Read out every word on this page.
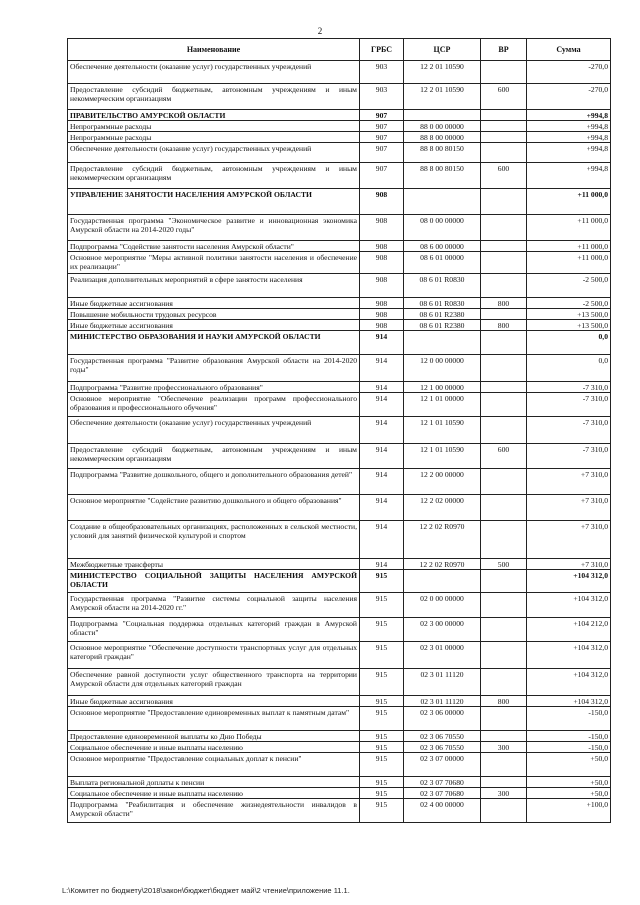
2
Наименование	ГРБС	ЦСР	ВР	Сумма
Обеспечение деятельности (оказание услуг) государственных учреждений	903	12 2 01 10590		-270,0
Предоставление субсидий бюджетным, автономным учреждениям и иным некоммерческим организациям	903	12 2 01 10590	600	-270,0
ПРАВИТЕЛЬСТВО АМУРСКОЙ ОБЛАСТИ	907			+994,8
Непрограммные расходы	907	88 0 00 00000		+994,8
Непрограммные расходы	907	88 8 00 00000		+994,8
Обеспечение деятельности (оказание услуг) государственных учреждений	907	88 8 00 80150		+994,8
Предоставление субсидий бюджетным, автономным учреждениям и иным некоммерческим организациям	907	88 8 00 80150	600	+994,8
УПРАВЛЕНИЕ ЗАНЯТОСТИ НАСЕЛЕНИЯ АМУРСКОЙ ОБЛАСТИ	908			+11 000,0
Государственная программа "Экономическое развитие и инновационная экономика Амурской области на 2014-2020 годы"	908	08 0 00 00000		+11 000,0
Подпрограмма "Содействие занятости населения Амурской области"	908	08 6 00 00000		+11 000,0
Основное мероприятие "Меры активной политики занятости населения и обеспечение их реализации"	908	08 6 01 00000		+11 000,0
Реализация дополнительных мероприятий в сфере занятости населения	908	08 6 01 R0830		-2 500,0
Иные бюджетные ассигнования	908	08 6 01 R0830	800	-2 500,0
Повышение мобильности трудовых ресурсов	908	08 6 01 R2380		+13 500,0
Иные бюджетные ассигнования	908	08 6 01 R2380	800	+13 500,0
МИНИСТЕРСТВО ОБРАЗОВАНИЯ И НАУКИ АМУРСКОЙ ОБЛАСТИ	914			0,0
Государственная программа "Развитие образования Амурской области на 2014-2020 годы"	914	12 0 00 00000		0,0
Подпрограмма "Развитие профессионального образования"	914	12 1 00 00000		-7 310,0
Основное мероприятие "Обеспечение реализации программ профессионального образования и профессионального обучения"	914	12 1 01 00000		-7 310,0
Обеспечение деятельности (оказание услуг) государственных учреждений	914	12 1 01 10590		-7 310,0
Предоставление субсидий бюджетным, автономным учреждениям и иным некоммерческим организациям	914	12 1 01 10590	600	-7 310,0
Подпрограмма "Развитие дошкольного, общего и дополнительного образования детей"	914	12 2 00 00000		+7 310,0
Основное мероприятие "Содействие развитию дошкольного и общего образования"	914	12 2 02 00000		+7 310,0
Создание в общеобразовательных организациях, расположенных в сельской местности, условий для занятий физической культурой и спортом	914	12 2 02 R0970		+7 310,0
Межбюджетные трансферты	914	12 2 02 R0970	500	+7 310,0
МИНИСТЕРСТВО СОЦИАЛЬНОЙ ЗАЩИТЫ НАСЕЛЕНИЯ АМУРСКОЙ ОБЛАСТИ	915			+104 312,0
Государственная программа "Развитие системы социальной защиты населения Амурской области на 2014-2020 гг."	915	02 0 00 00000		+104 312,0
Подпрограмма "Социальная поддержка отдельных категорий граждан в Амурской области"	915	02 3 00 00000		+104 212,0
Основное мероприятие "Обеспечение доступности транспортных услуг для отдельных категорий граждан"	915	02 3 01 00000		+104 312,0
Обеспечение равной доступности услуг общественного транспорта на территории Амурской области для отдельных категорий граждан	915	02 3 01 11120		+104 312,0
Иные бюджетные ассигнования	915	02 3 01 11120	800	+104 312,0
Основное мероприятие "Предоставление единовременных выплат к памятным датам"	915	02 3 06 00000		-150,0
Предоставление единовременной выплаты ко Дню Победы	915	02 3 06 70550		-150,0
Социальное обеспечение и иные выплаты населению	915	02 3 06 70550	300	-150,0
Основное мероприятие "Предоставление социальных доплат к пенсии"	915	02 3 07 00000		+50,0
Выплата региональной доплаты к пенсии	915	02 3 07 70680		+50,0
Социальное обеспечение и иные выплаты населению	915	02 3 07 70680	300	+50,0
Подпрограмма "Реабилитация и обеспечение жизнедеятельности инвалидов в Амурской области"	915	02 4 00 00000		+100,0
L:\Комитет по бюджету\2018\закон\бюджет\бюджет май\2 чтение\приложение 11.1.
